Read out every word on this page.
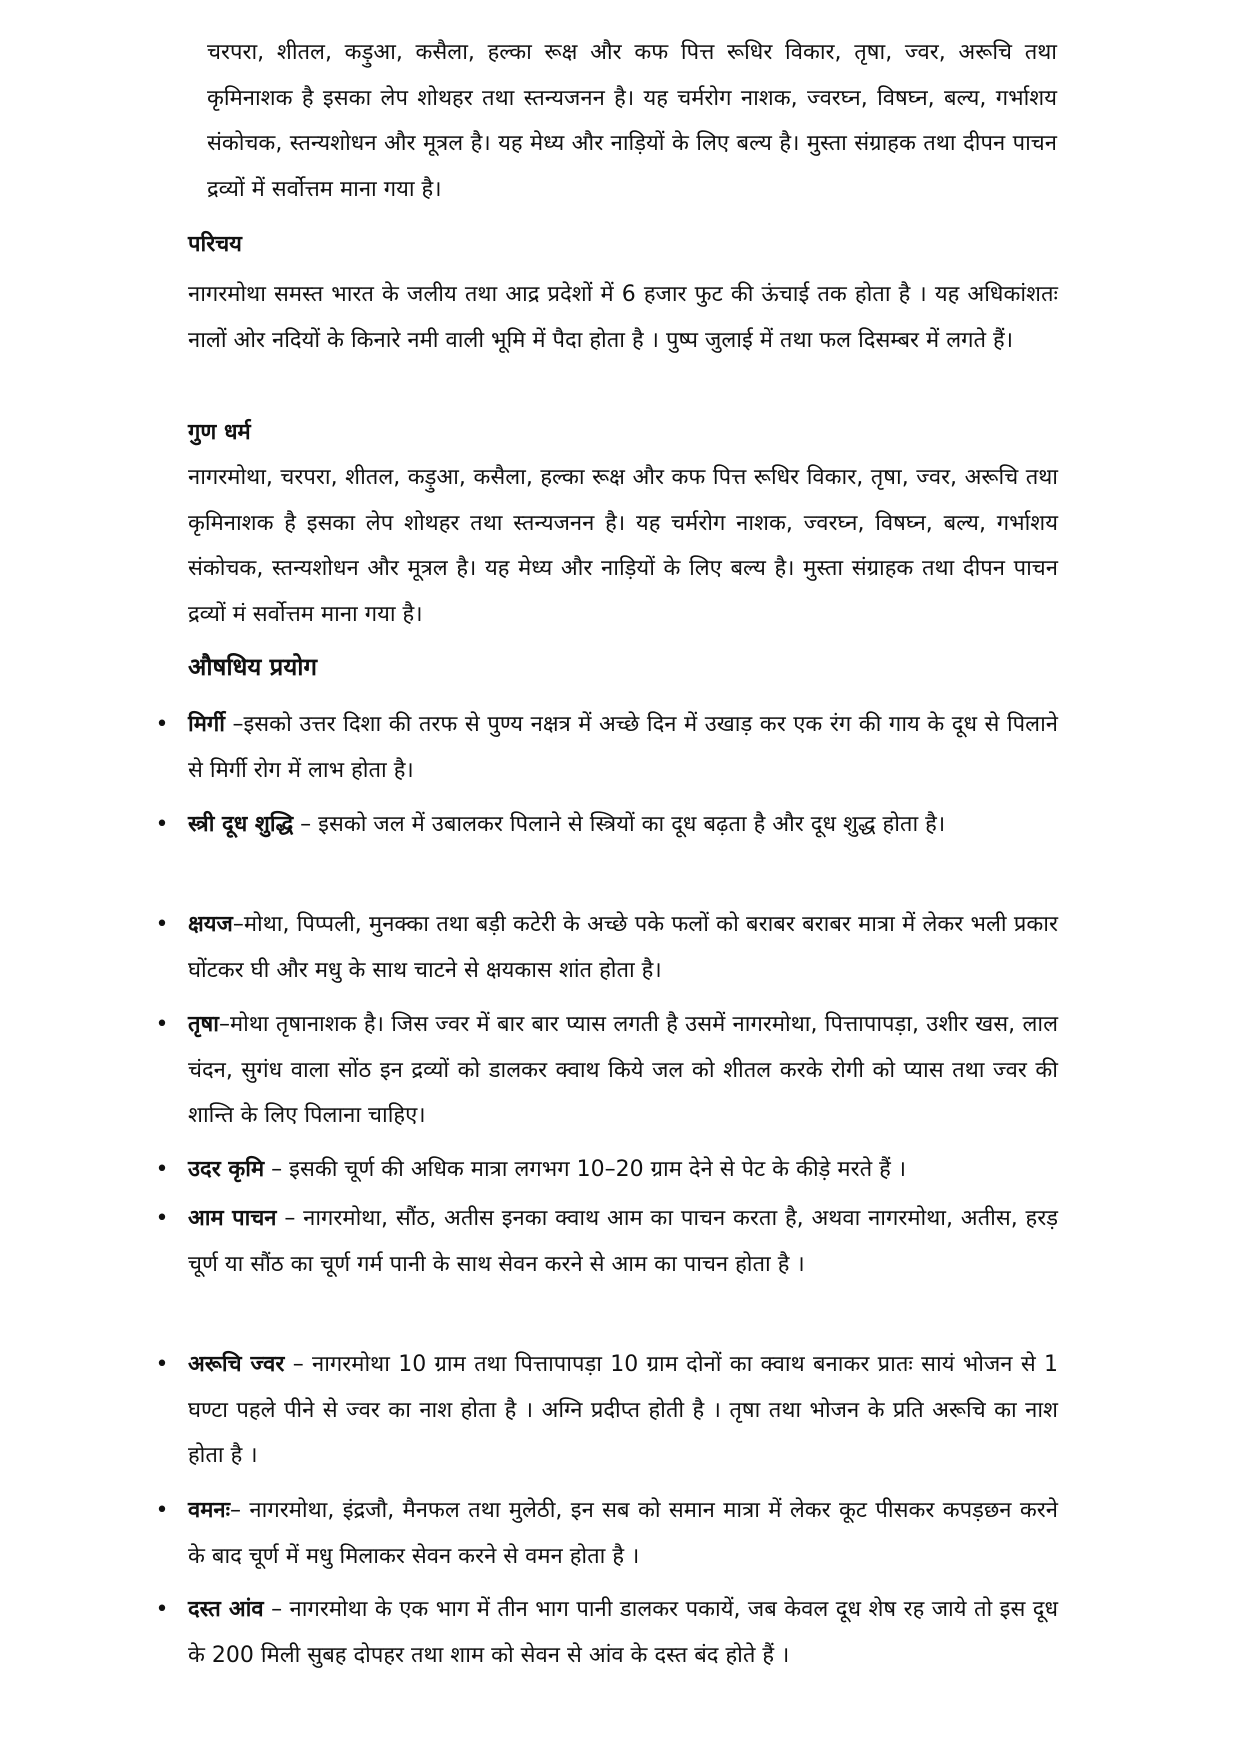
चरपरा, शीतल, कड़ुआ, कसैला, हल्का रूक्ष और कफ पित्त रूधिर विकार, तृषा, ज्वर, अरूचि तथा कृमिनाशक है इसका लेप शोथहर तथा स्तन्यजनन है। यह चर्मरोग नाशक, ज्वरघ्न, विषघ्न, बल्य, गर्भाशय संकोचक, स्तन्यशोधन और मूत्रल है। यह मेध्य और नाड़ियों के लिए बल्य है। मुस्ता संग्राहक तथा दीपन पाचन द्रव्यों में सर्वोत्तम माना गया है।

परिचय

नागरमोथा समस्त भारत के जलीय तथा आद्र प्रदेशों में 6 हजार फुट की ऊंचाई तक होता है । यह अधिकांशतः नालों ओर नदियों के किनारे नमी वाली भूमि में पैदा होता है । पुष्प जुलाई में तथा फल दिसम्बर में लगते हैं।

गुण धर्म

नागरमोथा, चरपरा, शीतल, कड़ुआ, कसैला, हल्का रूक्ष और कफ पित्त रूधिर विकार, तृषा, ज्वर, अरूचि तथा कृमिनाशक है इसका लेप शोथहर तथा स्तन्यजनन है। यह चर्मरोग नाशक, ज्वरघ्न, विषघ्न, बल्य, गर्भाशय संकोचक, स्तन्यशोधन और मूत्रल है। यह मेध्य और नाड़ियों के लिए बल्य है। मुस्ता संग्राहक तथा दीपन पाचन द्रव्यों मं सर्वोत्तम माना गया है।

औषधिय प्रयोग
• मिर्गी –इसको उत्तर दिशा की तरफ से पुण्य नक्षत्र में अच्छे दिन में उखाड़ कर एक रंग की गाय के दूध से पिलाने से मिर्गी रोग में लाभ होता है।
• स्त्री दूध शुद्धि – इसको जल में उबालकर पिलाने से स्त्रियों का दूध बढ़ता है और दूध शुद्ध होता है।
• क्षयज–मोथा, पिप्पली, मुनक्का तथा बड़ी कटेरी के अच्छे पके फलों को बराबर बराबर मात्रा में लेकर भली प्रकार घोंटकर घी और मधु के साथ चाटने से क्षयकास शांत होता है।
• तृषा–मोथा तृषानाशक है। जिस ज्वर में बार बार प्यास लगती है उसमें नागरमोथा, पित्तापापड़ा, उशीर खस, लाल चंदन, सुगंध वाला सोंठ इन द्रव्यों को डालकर क्वाथ किये जल को शीतल करके रोगी को प्यास तथा ज्वर की शान्ति के लिए पिलाना चाहिए।
• उदर कृमि – इसकी चूर्ण की अधिक मात्रा लगभग 10–20 ग्राम देने से पेट के कीड़े मरते हैं ।
• आम पाचन – नागरमोथा, सौंठ, अतीस इनका क्वाथ आम का पाचन करता है, अथवा नागरमोथा, अतीस, हरड़ चूर्ण या सौंठ का चूर्ण गर्म पानी के साथ सेवन करने से आम का पाचन होता है ।
• अरूचि ज्वर – नागरमोथा 10 ग्राम तथा पित्तापापड़ा 10 ग्राम दोनों का क्वाथ बनाकर प्रातः सायं भोजन से 1 घण्टा पहले पीने से ज्वर का नाश होता है । अग्नि प्रदीप्त होती है । तृषा तथा भोजन के प्रति अरूचि का नाश होता है ।
• वमनः– नागरमोथा, इंद्रजौ, मैनफल तथा मुलेठी, इन सब को समान मात्रा में लेकर कूट पीसकर कपड़छन करने के बाद चूर्ण में मधु मिलाकर सेवन करने से वमन होता है ।
• दस्त आंव – नागरमोथा के एक भाग में तीन भाग पानी डालकर पकायें, जब केवल दूध शेष रह जाये तो इस दूध के 200 मिली सुबह दोपहर तथा शाम को सेवन से आंव के दस्त बंद होते हैं ।
